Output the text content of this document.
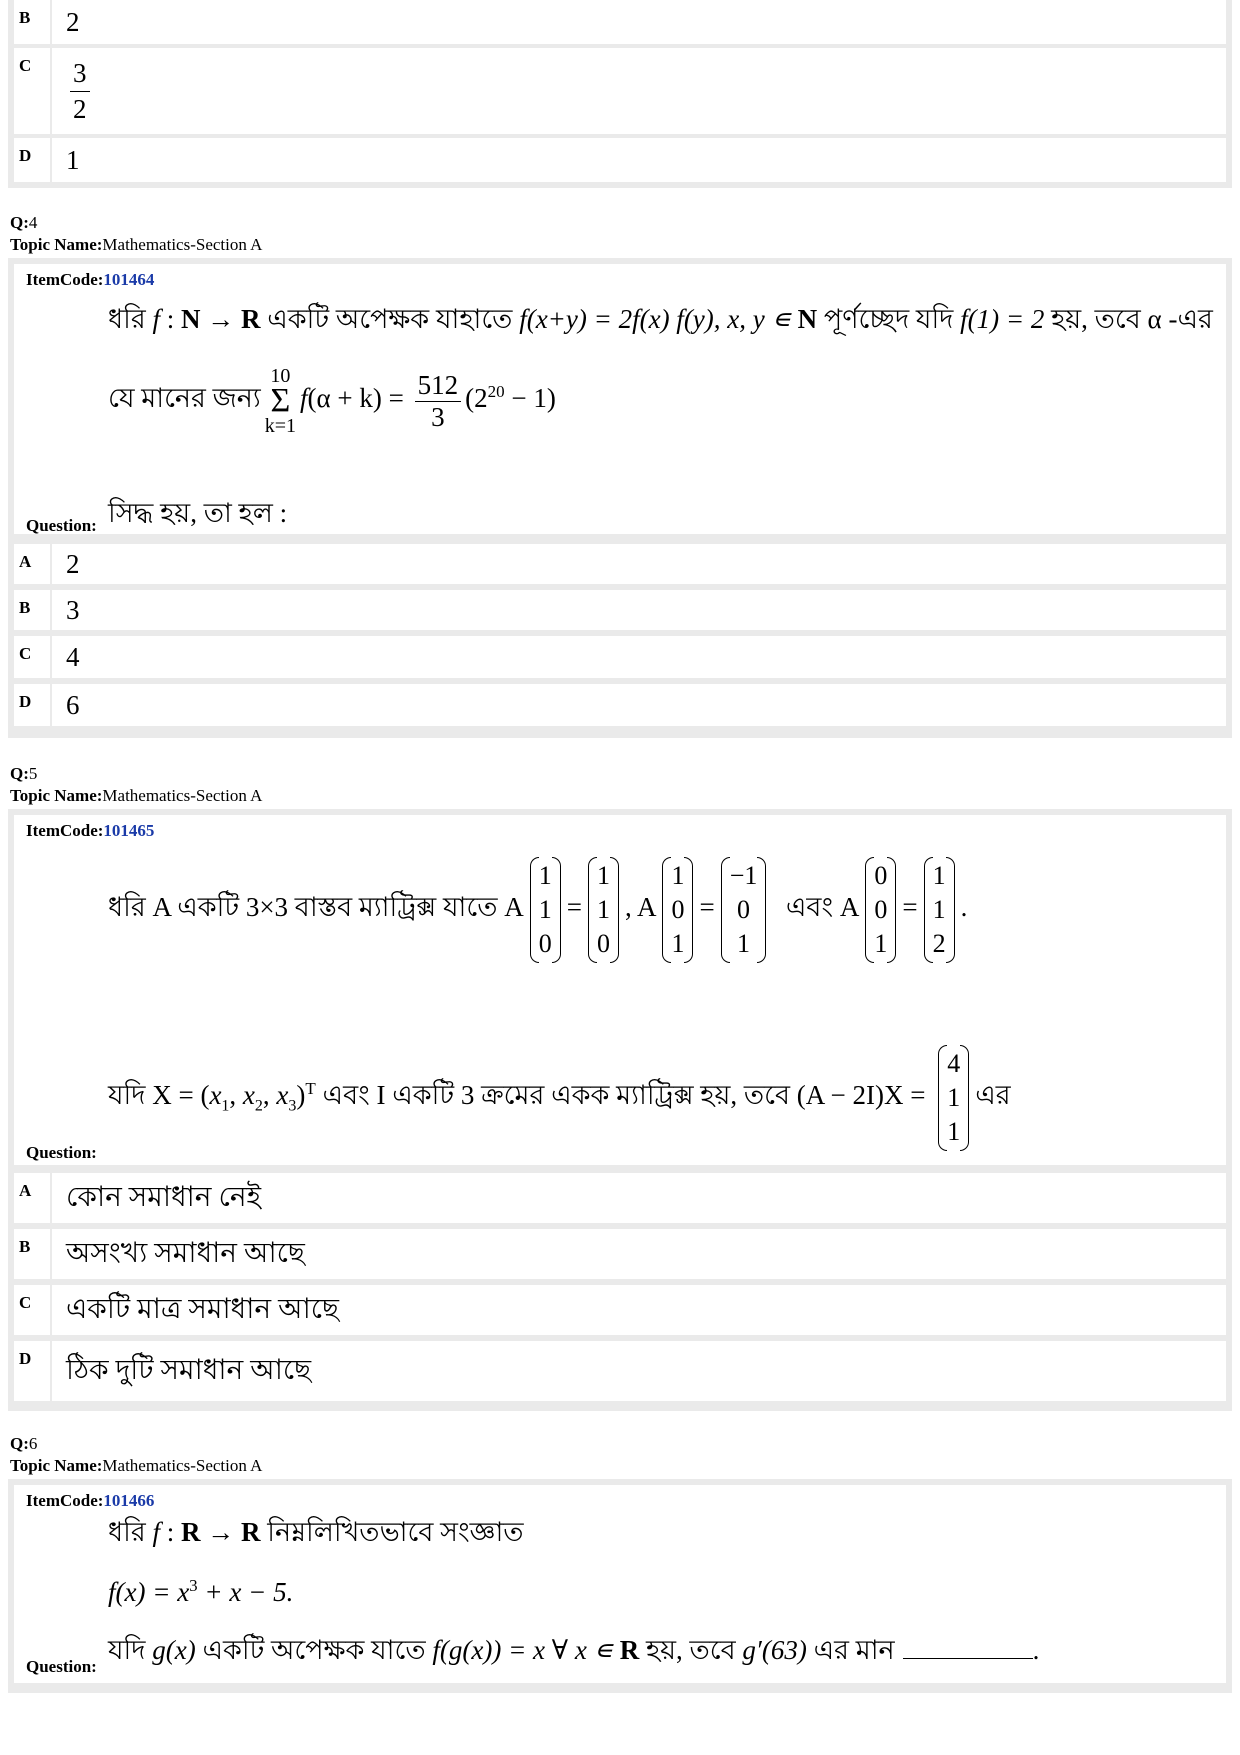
B	2
C	$\frac{3}{2}$
D	1
Q:4
Topic Name:Mathematics-Section A
ItemCode:101464
ধরি f : N → R একটি অপেক্ষক যাহাতে f(x+y) = 2f(x) f(y), x, y ∊ N পূর্ণচ্ছেদ যদি f(1) = 2 হয়, তবে α -এর
যে মানের জন্য
10
Σ
k=1
$f(\alpha + k) = \frac{512}{3} (2^{20} - 1)$
Question: সিদ্ধ হয়, তা হল :
A	2
B	3
C	4
D	6
Q:5
Topic Name:Mathematics-Section A
ItemCode:101465
ধরি A একটি 3×3 বাস্তব ম্যাট্রিক্স যাতে A
1
1
0
=
1
1
0
, A
1
0
1
=
−1
0
1
এবং A
0
0
1
=
1
1
2
.
যদি $X = (x_1$, $x_2$, $x_3)^T$ এবং I একটি 3 ক্রমের একক ম্যাট্রিক্স হয়, তবে (A − 2I)X =
4
1
1
এর
Question:
A	কোন সমাধান নেই
B	অসংখ্য সমাধান আছে
C	একটি মাত্র সমাধান আছে
D	ঠিক দুটি সমাধান আছে
Q:6
Topic Name:Mathematics-Section A
ItemCode:101466
ধরি f : R → R নিম্নলিখিতভাবে সংজ্ঞাত
$f(x) = x^3 + x - 5$.
Question:
যদি g(x) একটি অপেক্ষক যাতে f(g(x)) = x ∀ x ∊ R হয়, তবে g′(63) এর মান	.
